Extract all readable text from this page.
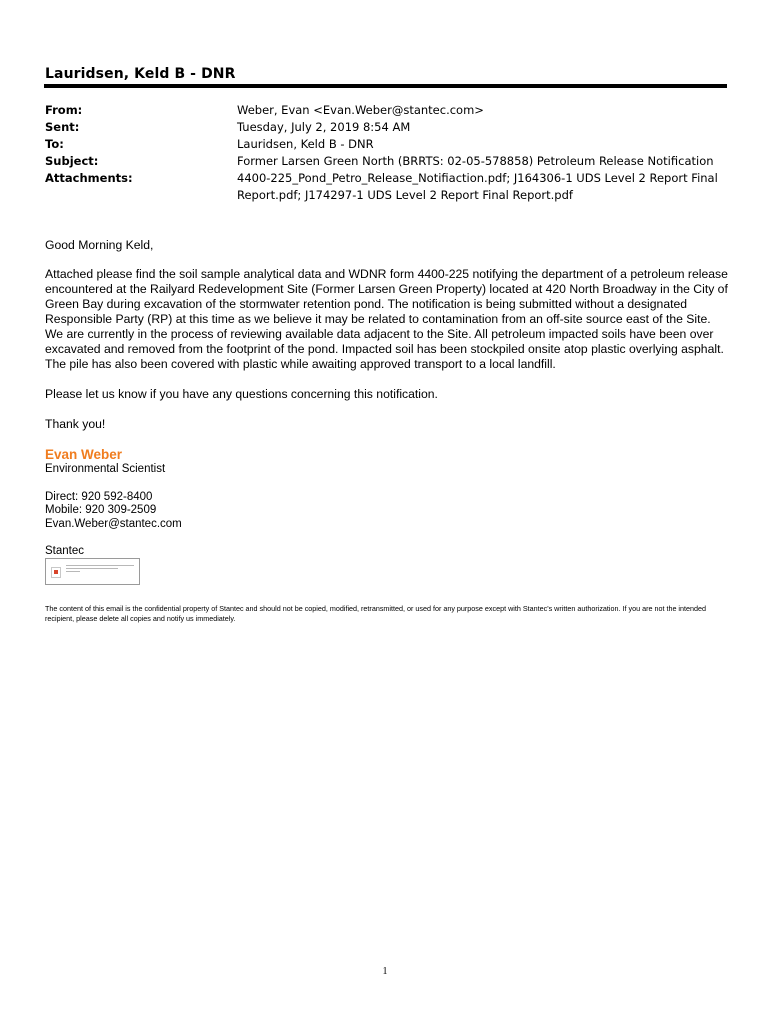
Lauridsen, Keld B - DNR
From:	Weber, Evan <Evan.Weber@stantec.com>
Sent:	Tuesday, July 2, 2019 8:54 AM
To:	Lauridsen, Keld B - DNR
Subject:	Former Larsen Green North (BRRTS: 02-05-578858) Petroleum Release Notification
Attachments:	4400-225_Pond_Petro_Release_Notifiaction.pdf; J164306-1 UDS Level 2 Report Final Report.pdf; J174297-1 UDS Level 2 Report Final Report.pdf

Good Morning Keld,

Attached please find the soil sample analytical data and WDNR form 4400-225 notifying the department of a petroleum release encountered at the Railyard Redevelopment Site (Former Larsen Green Property) located at 420 North Broadway in the City of Green Bay during excavation of the stormwater retention pond. The notification is being submitted without a designated Responsible Party (RP) at this time as we believe it may be related to contamination from an off-site source east of the Site. We are currently in the process of reviewing available data adjacent to the Site. All petroleum impacted soils have been over excavated and removed from the footprint of the pond. Impacted soil has been stockpiled onsite atop plastic overlying asphalt. The pile has also been covered with plastic while awaiting approved transport to a local landfill.

Please let us know if you have any questions concerning this notification.

Thank you!

Evan Weber

Environmental Scientist

Direct: 920 592-8400

Mobile: 920 309-2509

Evan.Weber@stantec.com

Stantec

The content of this email is the confidential property of Stantec and should not be copied, modified, retransmitted, or used for any purpose except with Stantec's written authorization. If you are not the intended recipient, please delete all copies and notify us immediately.
1
